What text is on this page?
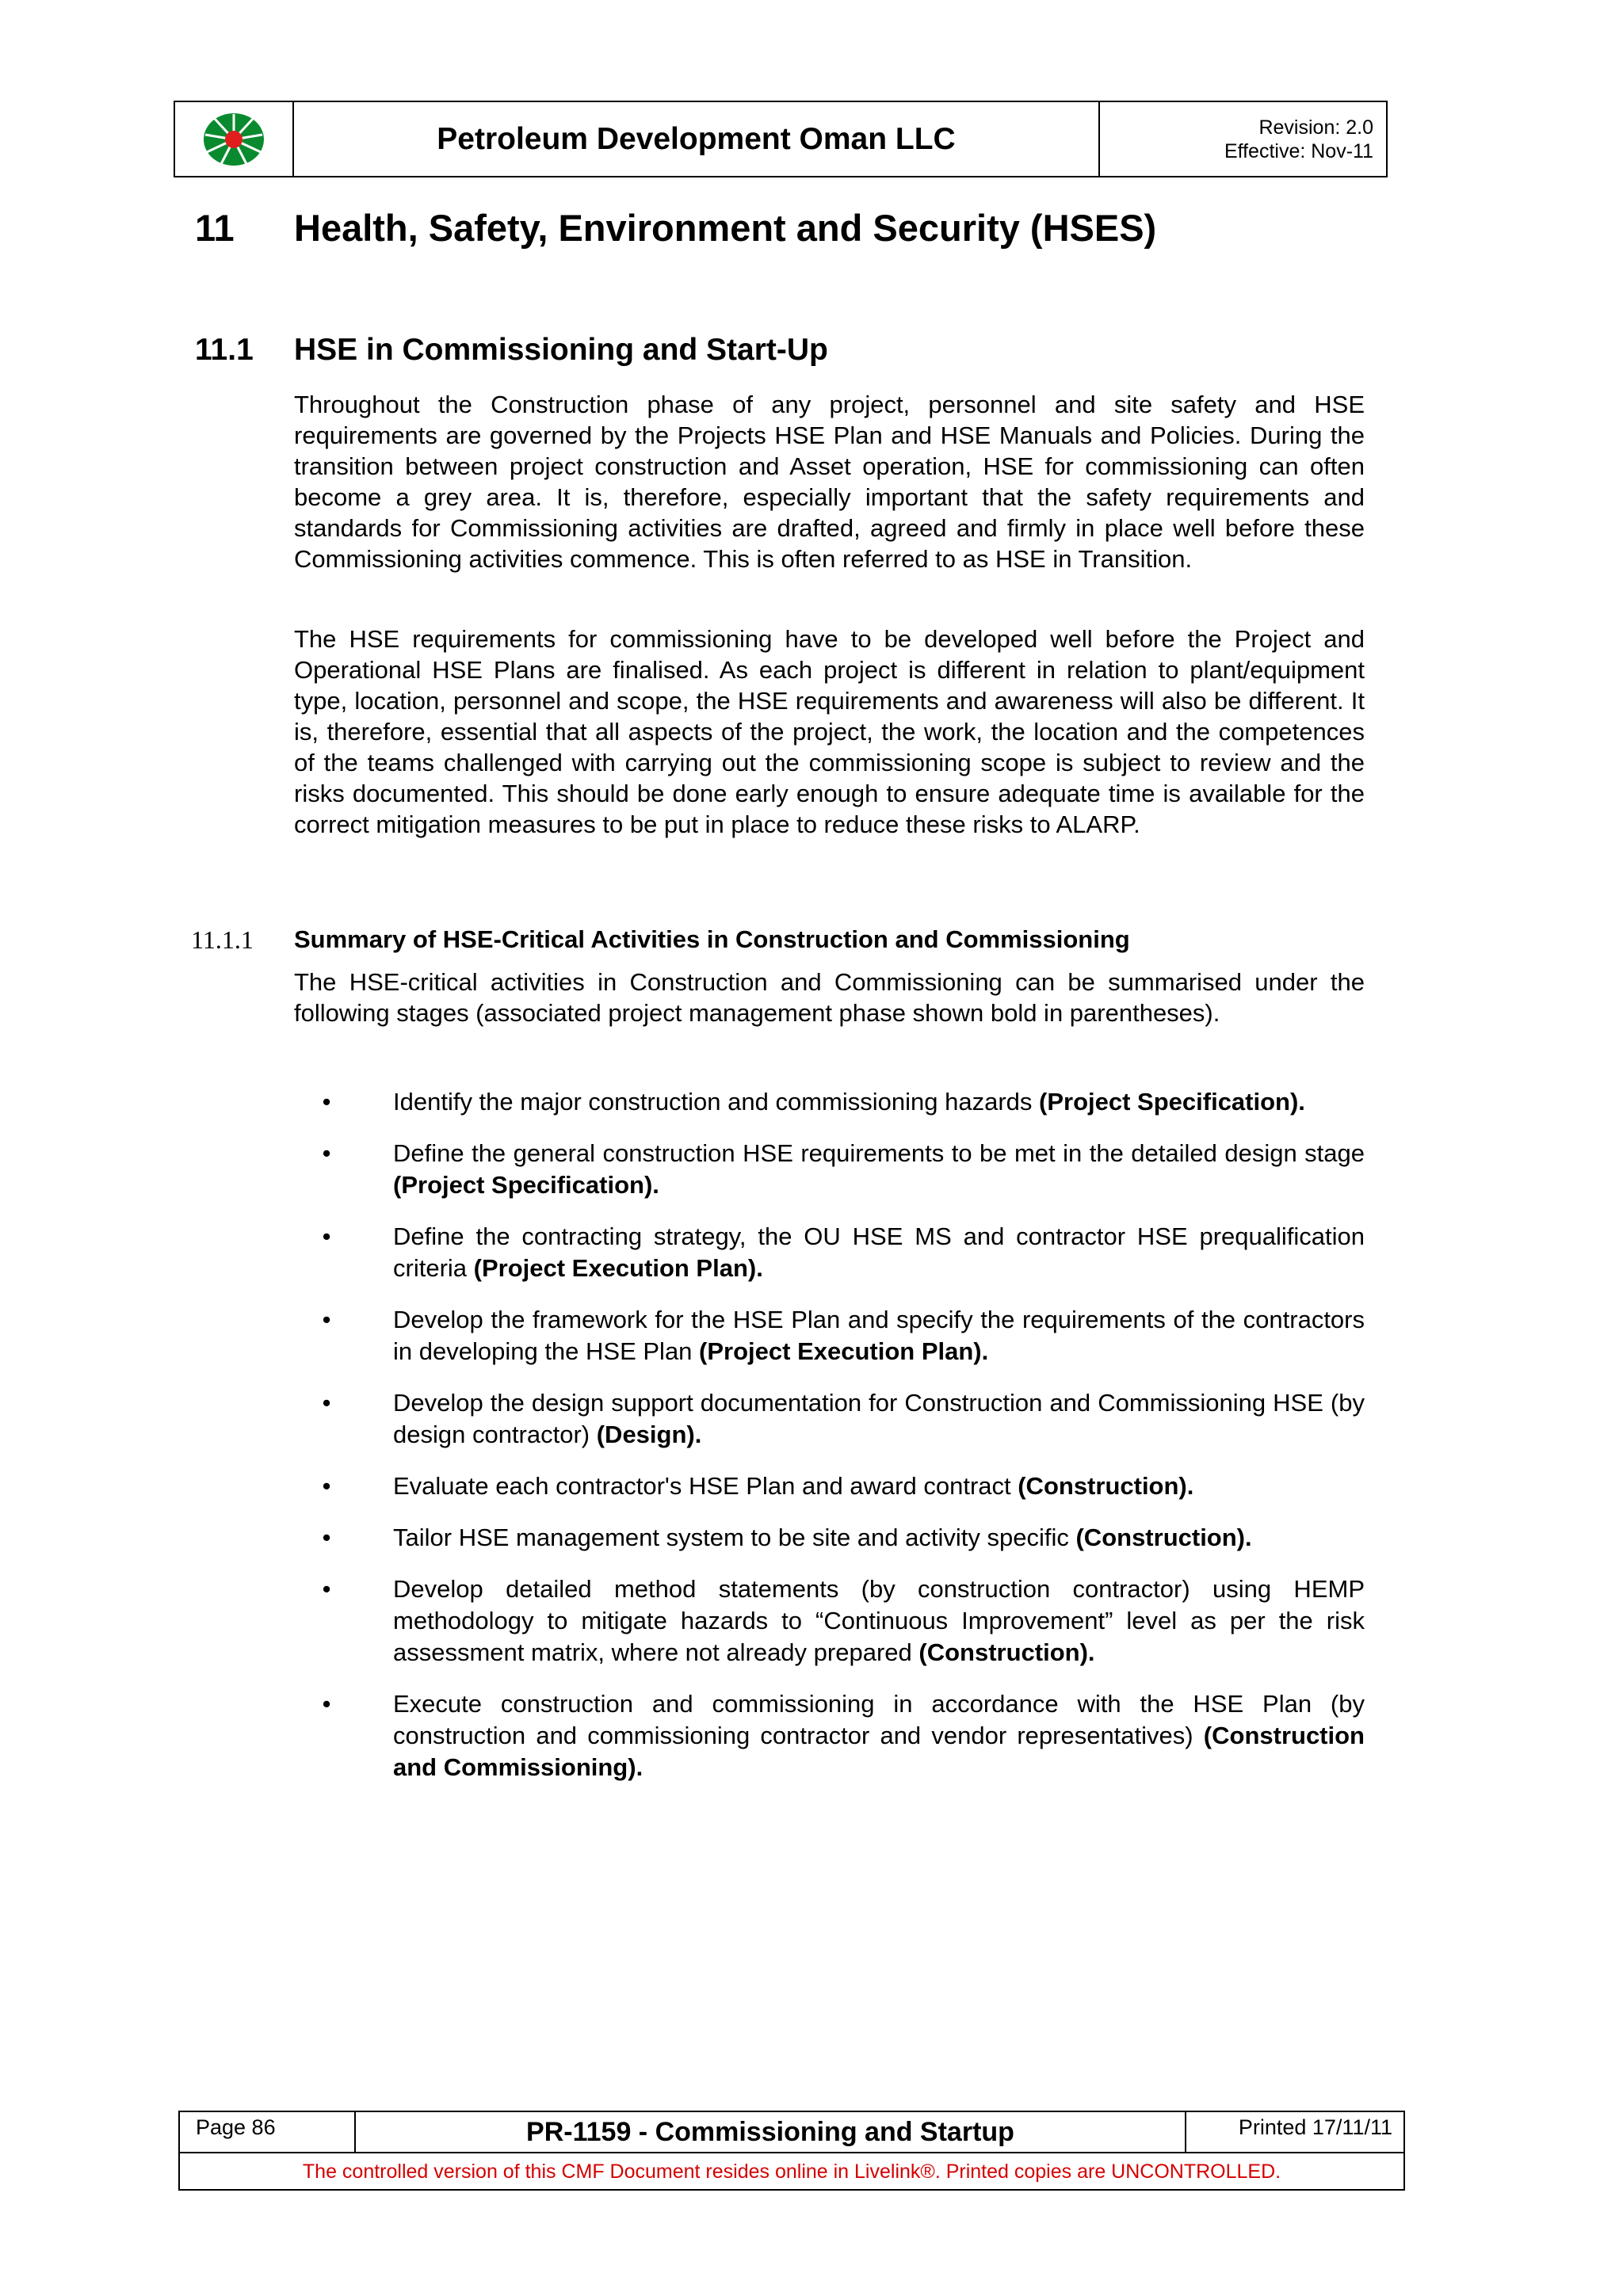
Petroleum Development Oman LLC	Revision: 2.0
Effective: Nov-11
11 Health, Safety, Environment and Security (HSES)
11.1 HSE in Commissioning and Start-Up

Throughout the Construction phase of any project, personnel and site safety and HSE requirements are governed by the Projects HSE Plan and HSE Manuals and Policies. During the transition between project construction and Asset operation, HSE for commissioning can often become a grey area. It is, therefore, especially important that the safety requirements and standards for Commissioning activities are drafted, agreed and firmly in place well before these Commissioning activities commence. This is often referred to as HSE in Transition.

The HSE requirements for commissioning have to be developed well before the Project and Operational HSE Plans are finalised. As each project is different in relation to plant/equipment type, location, personnel and scope, the HSE requirements and awareness will also be different. It is, therefore, essential that all aspects of the project, the work, the location and the competences of the teams challenged with carrying out the commissioning scope is subject to review and the risks documented. This should be done early enough to ensure adequate time is available for the correct mitigation measures to be put in place to reduce these risks to ALARP.

11.1.1 Summary of HSE-Critical Activities in Construction and Commissioning

The HSE-critical activities in Construction and Commissioning can be summarised under the following stages (associated project management phase shown bold in parentheses).

•	Identify the major construction and commissioning hazards (Project Specification).
•	Define the general construction HSE requirements to be met in the detailed design stage (Project Specification).
•	Define the contracting strategy, the OU HSE MS and contractor HSE prequalification criteria (Project Execution Plan).
•	Develop the framework for the HSE Plan and specify the requirements of the contractors in developing the HSE Plan (Project Execution Plan).
•	Develop the design support documentation for Construction and Commissioning HSE (by design contractor) (Design).
•	Evaluate each contractor's HSE Plan and award contract (Construction).
•	Tailor HSE management system to be site and activity specific (Construction).
•	Develop detailed method statements (by construction contractor) using HEMP methodology to mitigate hazards to “Continuous Improvement” level as per the risk assessment matrix, where not already prepared (Construction).
•	Execute construction and commissioning in accordance with the HSE Plan (by construction and commissioning contractor and vendor representatives) (Construction and Commissioning).
Page 86	PR-1159 - Commissioning and Startup	Printed 17/11/11
The controlled version of this CMF Document resides online in Livelink®. Printed copies are UNCONTROLLED.
